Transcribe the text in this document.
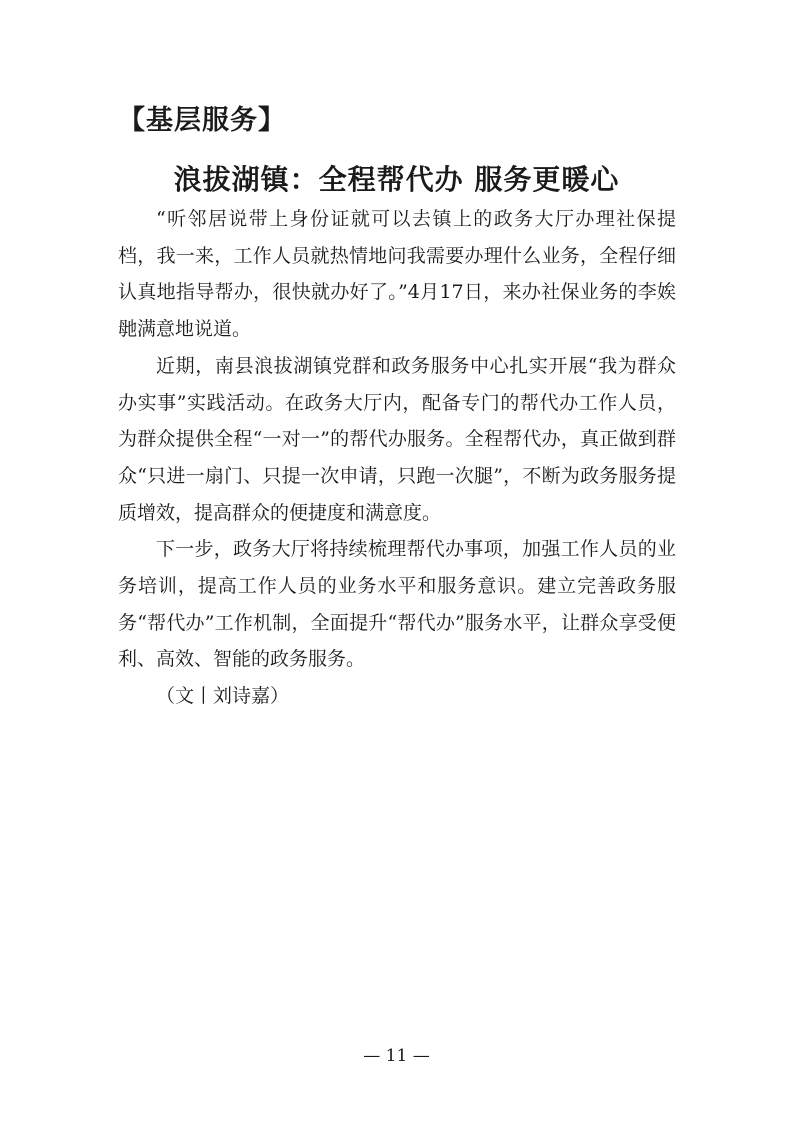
【基层服务】
浪拔湖镇：全程帮代办 服务更暖心

“听邻居说带上身份证就可以去镇上的政务大厅办理社保提档，我一来，工作人员就热情地问我需要办理什么业务，全程仔细认真地指导帮办，很快就办好了。”4月17日，来办社保业务的李娭毑满意地说道。

近期，南县浪拔湖镇党群和政务服务中心扎实开展“我为群众办实事”实践活动。在政务大厅内，配备专门的帮代办工作人员，为群众提供全程“一对一”的帮代办服务。全程帮代办，真正做到群众“只进一扇门、只提一次申请，只跑一次腿”，不断为政务服务提质增效，提高群众的便捷度和满意度。

下一步，政务大厅将持续梳理帮代办事项，加强工作人员的业务培训，提高工作人员的业务水平和服务意识。建立完善政务服务“帮代办”工作机制，全面提升“帮代办”服务水平，让群众享受便利、高效、智能的政务服务。

（文丨刘诗嘉）

— 11 —
